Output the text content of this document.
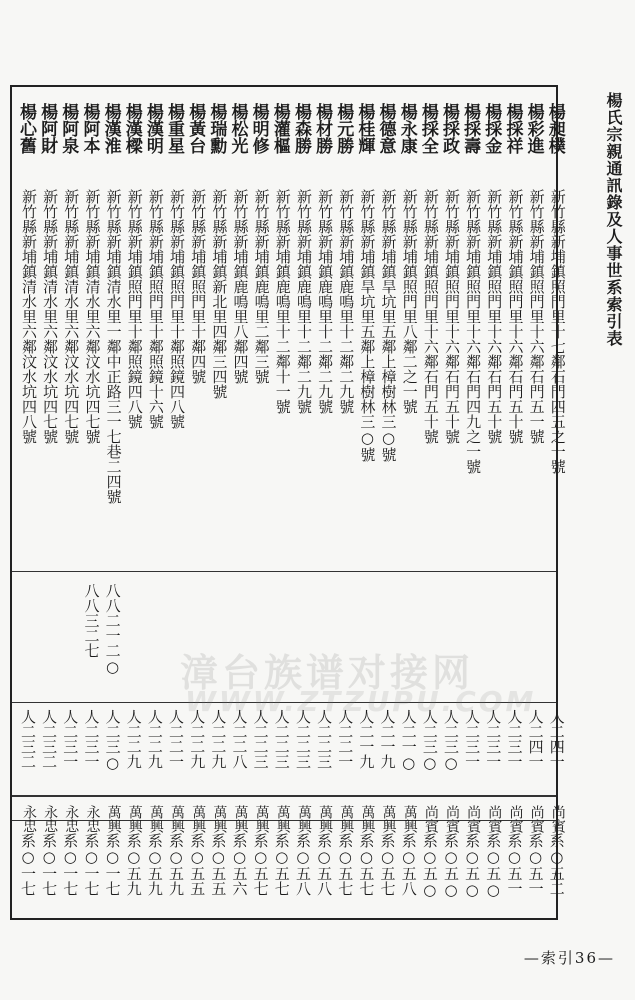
楊氏宗親通訊錄及人事世系索引表
楊昶樸
新竹縣新埔鎮照門里十七鄰石門四五之一號
人二四一
尚賓
系○五二
楊彩進
新竹縣新埔鎮照門里十六鄰石門五一號
人二四一
尚賓
系○五一
楊採祥
新竹縣新埔鎮照門里十六鄰石門五十號
人二三一
尚賓
系○五一
楊採金
新竹縣新埔鎮照門里十六鄰石門五十號
人二三一
尚賓
系○五○
楊採壽
新竹縣新埔鎮照門里十六鄰石門四九之一號
人二三一
尚賓
系○五○
楊採政
新竹縣新埔鎮照門里十六鄰石門五十號
人二三○
尚賓
系○五○
楊採全
新竹縣新埔鎮照門里十六鄰石門五十號
人二三○
尚賓
系○五○
楊永康
新竹縣新埔鎮照門里八鄰二之一號
人二一○
萬興
系○五八
楊德意
新竹縣新埔鎮旱坑里五鄰上樟樹林三○號
人二一九
萬興
系○五七
楊桂輝
新竹縣新埔鎮旱坑里五鄰上樟樹林三○號
人二一九
萬興
系○五七
楊元勝
新竹縣新埔鎮鹿鳴里十二鄰二九號
人二二一
萬興
系○五七
楊材勝
新竹縣新埔鎮鹿鳴里十二鄰二九號
人二二三
萬興
系○五八
楊森勝
新竹縣新埔鎮鹿鳴里十二鄰二九號
人二二三
萬興
系○五八
楊灌樞
新竹縣新埔鎮鹿鳴里十二鄰十一號
人二二三
萬興
系○五七
楊明修
新竹縣新埔鎮鹿鳴里二鄰三號
人二二三
萬興
系○五七
楊松光
新竹縣新埔鎮鹿鳴里八鄰四號
人二二八
萬興
系○五六
楊瑞勳
新竹縣新埔鎮新北里四鄰三四號
人二二九
萬興
系○五五
楊黃台
新竹縣新埔鎮照門里十鄰四號
人二二九
萬興
系○五五
楊重星
新竹縣新埔鎮照門里十鄰照鏡四八號
人二二一
萬興
系○五九
楊漢明
新竹縣新埔鎮照門里十鄰照鏡十六號
人二二九
萬興
系○五九
楊漢樑
新竹縣新埔鎮照門里十鄰照鏡四八號
人二二九
萬興
系○五九
楊漢淮
新竹縣新埔鎮清水里一鄰中正路三一七巷二四號
八八二一二○
人二三○
萬興
系○一七
楊阿本
新竹縣新埔鎮清水里六鄰汶水坑四七號
八八三二七
人二三一
永忠
系○一七
楊阿泉
新竹縣新埔鎮清水里六鄰汶水坑四七號
人二三一
永忠
系○一七
楊阿財
新竹縣新埔鎮清水里六鄰汶水坑四七號
人二三二
永忠
系○一七
楊心舊
新竹縣新埔鎮清水里六鄰汶水坑四八號
人二三二
永忠
系○一七
漳台族谱对接网
WWW.ZTZUPU.COM
—索引36—
